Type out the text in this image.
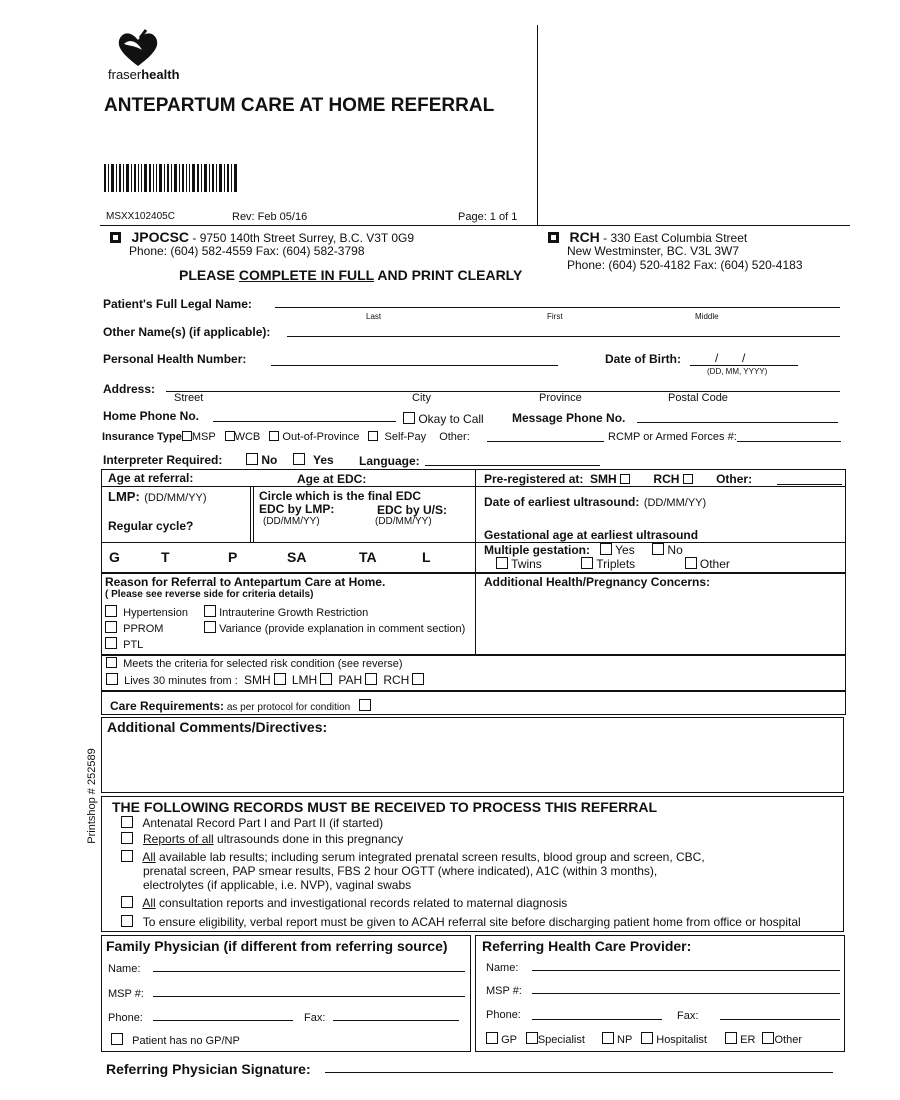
fraserhealth
ANTEPARTUM CARE AT HOME REFERRAL
MSXX102405C	Rev: Feb 05/16	Page: 1 of 1
JPOCSC - 9750 140th Street Surrey, B.C. V3T 0G9
Phone: (604) 582-4559 Fax: (604) 582-3798
RCH - 330 East Columbia Street
New Westminster, BC. V3L 3W7
Phone: (604) 520-4182 Fax: (604) 520-4183
PLEASE COMPLETE IN FULL AND PRINT CLEARLY
Patient's Full Legal Name:
Last	First	Middle
Other Name(s) (if applicable):
Personal Health Number:	Date of Birth:	/ /
(DD, MM, YYYY)
Address:
Street	City	Province	Postal Code
Home Phone No.	Okay to Call Message Phone No.
Insurance Type MSP WCB Out-of-Province Self-Pay Other:	RCMP or Armed Forces #:
Interpreter Required:	No	Yes Language:
Age at referral:	Age at EDC:	Pre-registered at: SMH	RCH	Other:
LMP: (DD/MM/YY)
Regular cycle?
Circle which is the final EDC
EDC by LMP:	EDC by U/S:
(DD/MM/YY)	(DD/MM/YY)
Date of earliest ultrasound: (DD/MM/YY)
Gestational age at earliest ultrasound
G	T	P	SA	TA	L	Multiple gestation: Yes	No
Twins	Triplets	Other
Reason for Referral to Antepartum Care at Home.
( Please see reverse side for criteria details)
Hypertension	Intrauterine Growth Restriction
PPROM	Variance (provide explanation in comment section)
PTL
Additional Health/Pregnancy Concerns:
Meets the criteria for selected risk condition (see reverse)
Lives 30 minutes from : SMH LMH PAH RCH
Care Requirements: as per protocol for condition
Additional Comments/Directives:
Printshop # 252589 THE FOLLOWING RECORDS MUST BE RECEIVED TO PROCESS THIS REFERRAL
Antenatal Record Part I and Part II (if started)
Reports of all ultrasounds done in this pregnancy
All available lab results; including serum integrated prenatal screen results, blood group and screen, CBC,
prenatal screen, PAP smear results, FBS 2 hour OGTT (where indicated), A1C (within 3 months),
electrolytes (if applicable, i.e. NVP), vaginal swabs
All consultation reports and investigational records related to maternal diagnosis
To ensure eligibility, verbal report must be given to ACAH referral site before discharging patient home from office or hospital
Family Physician (if different from referring source)
Name:
MSP #:
Phone:	Fax:
Patient has no GP/NP
Referring Health Care Provider:
Name:
MSP #:
Phone:	Fax:
GP Specialist	NP Hospitalist	ER Other
Referring Physician Signature:
